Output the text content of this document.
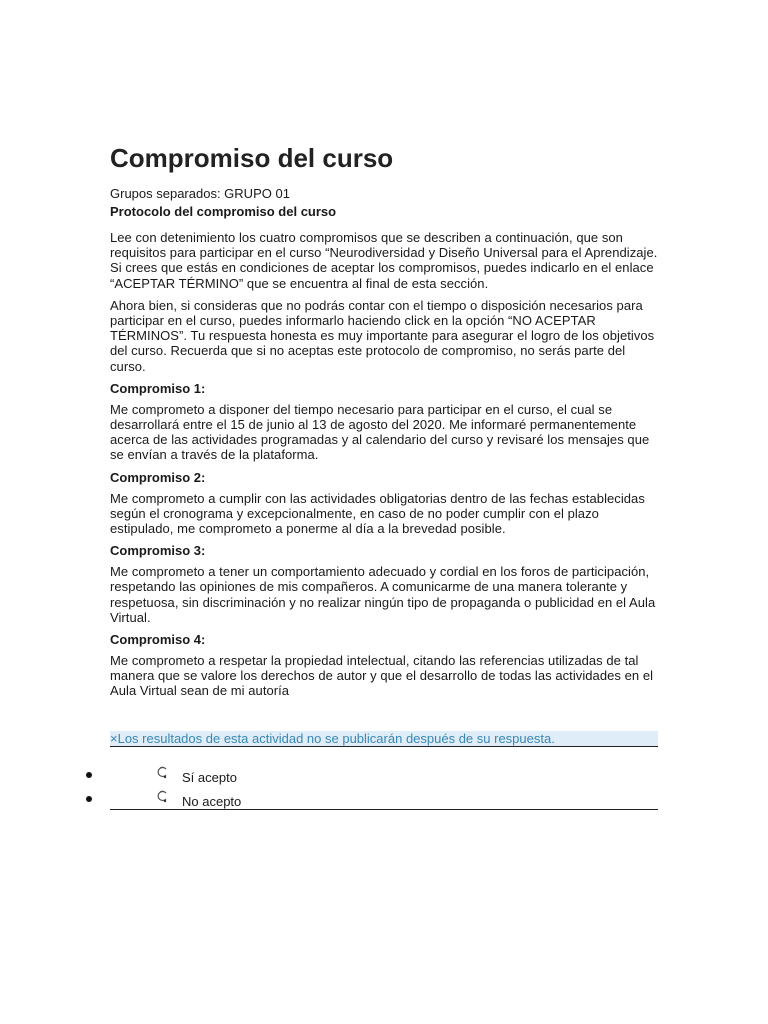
Compromiso del curso
Grupos separados: GRUPO 01
Protocolo del compromiso del curso

Lee con detenimiento los cuatro compromisos que se describen a continuación, que son requisitos para participar en el curso “Neurodiversidad y Diseño Universal para el Aprendizaje. Si crees que estás en condiciones de aceptar los compromisos, puedes indicarlo en el enlace “ACEPTAR TÉRMINO” que se encuentra al final de esta sección.

Ahora bien, si consideras que no podrás contar con el tiempo o disposición necesarios para participar en el curso, puedes informarlo haciendo click en la opción “NO ACEPTAR TÉRMINOS”. Tu respuesta honesta es muy importante para asegurar el logro de los objetivos del curso. Recuerda que si no aceptas este protocolo de compromiso, no serás parte del curso.

Compromiso 1:

Me comprometo a disponer del tiempo necesario para participar en el curso, el cual se desarrollará entre el 15 de junio al 13 de agosto del 2020. Me informaré permanentemente acerca de las actividades programadas y al calendario del curso y revisaré los mensajes que se envían a través de la plataforma.

Compromiso 2:

Me comprometo a cumplir con las actividades obligatorias dentro de las fechas establecidas según el cronograma y excepcionalmente, en caso de no poder cumplir con el plazo estipulado, me comprometo a ponerme al día a la brevedad posible.

Compromiso 3:

Me comprometo a tener un comportamiento adecuado y cordial en los foros de participación, respetando las opiniones de mis compañeros. A comunicarme de una manera tolerante y respetuosa, sin discriminación y no realizar ningún tipo de propaganda o publicidad en el Aula Virtual.

Compromiso 4:

Me comprometo a respetar la propiedad intelectual, citando las referencias utilizadas de tal manera que se valore los derechos de autor y que el desarrollo de todas las actividades en el Aula Virtual sean de mi autoría

×Los resultados de esta actividad no se publicarán después de su respuesta.
Sí acepto
No acepto
